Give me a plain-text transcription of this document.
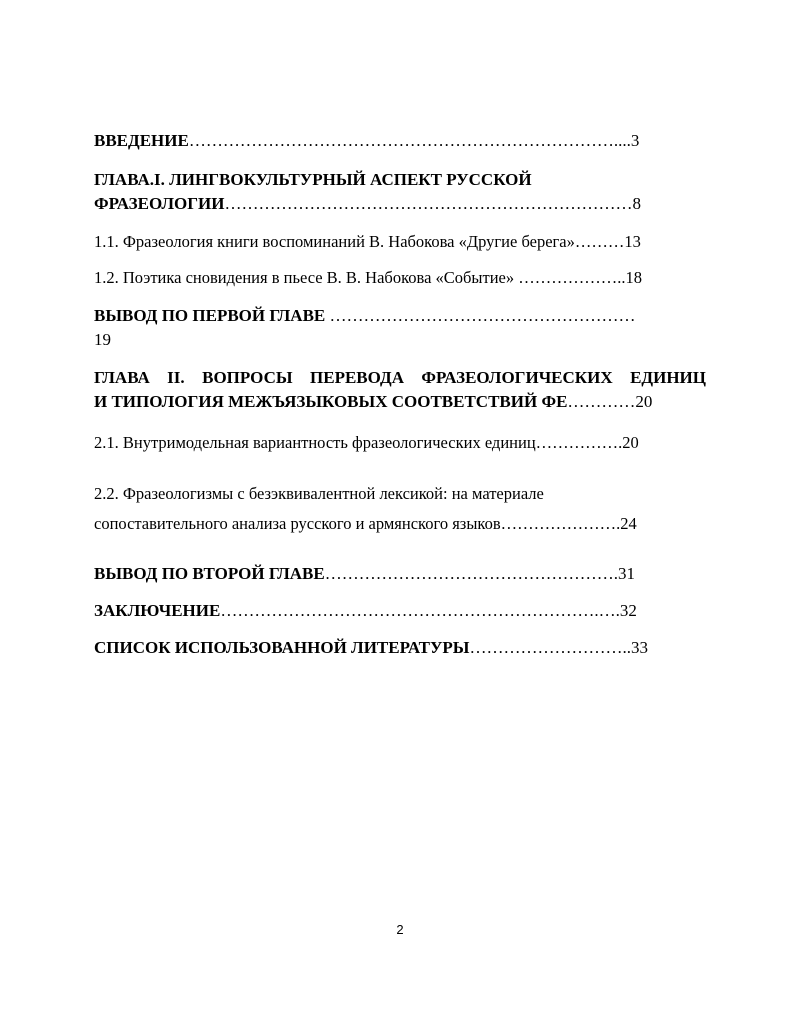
ВВЕДЕНИЕ…………………………………………………………………....3
ГЛАВА.I. ЛИНГВОКУЛЬТУРНЫЙ АСПЕКТ РУССКОЙ
ФРАЗЕОЛОГИИ………………………………………………………………8
1.1. Фразеология книги воспоминаний В. Набокова «Другие берега»………13
1.2. Поэтика сновидения в пьесе В. В. Набокова «Событие» ………………..18
ВЫВОД ПО ПЕРВОЙ ГЛАВЕ ………………………………………………
19
ГЛАВА II. ВОПРОСЫ ПЕРЕВОДА ФРАЗЕОЛОГИЧЕСКИХ ЕДИНИЦ
И ТИПОЛОГИЯ МЕЖЪЯЗЫКОВЫХ СООТВЕТСТВИЙ ФЕ…………20
2.1. Внутримодельная вариантность фразеологических единиц…………….20
2.2. Фразеологизмы с безэквивалентной лексикой: на материале
сопоставительного анализа русского и армянского языков………………….24
ВЫВОД ПО ВТОРОЙ ГЛАВЕ…………………………………………….31
ЗАКЛЮЧЕНИЕ………………………………………………………….….32
СПИСОК ИСПОЛЬЗОВАННОЙ ЛИТЕРАТУРЫ………………………..33
2
